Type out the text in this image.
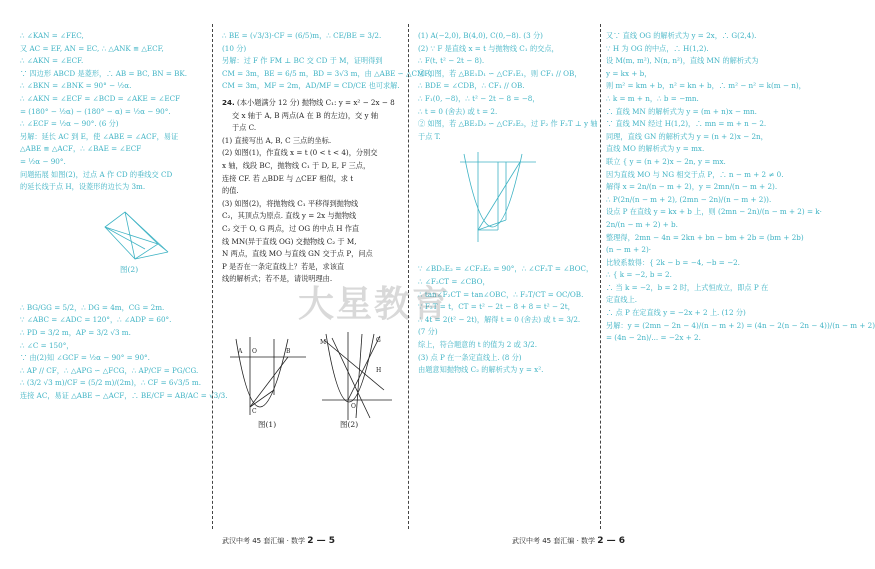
∴ ∠KAN = ∠FEC,
又 AC = EF, AN = EC, ∴ △ANK ≌ △ECF,
∴ ∠AKN = ∠ECF.
∵ 四边形 ABCD 是菱形，∴ AB = BC, BN = BK.
∴ ∠BKN = ∠BNK = 90° − ½α.
∴ ∠AKN = ∠ECF = ∠BCD = ∠AKE = ∠ECF
= (180° − ½α) − (180° − α) = ½α − 90°.
∴ ∠ECF = ½α − 90°. (6 分)
另解：延长 AC 到 E，使 ∠ABE = ∠ACF，易证
△ABE ≌ △ACF，∴ ∠BAE = ∠ECF
= ½α − 90°.
问题拓展 如图(2)，过点 A 作 CD 的垂线交 CD
的延长线于点 H，设菱形的边长为 3m.
∴ BG/GG = 5/2，∴ DG = 4m，CG = 2m.
∵ ∠ABC = ∠ADC = 120°，∴ ∠ADP = 60°.
∴ PD = 3/2 m，AP = 3/2 √3 m.
∴ ∠C = 150°，
∵ 由(2)知 ∠GCF = ½α − 90° = 90°.
∴ AP // CF，∴ △APG ∽ △FCG，∴ AP/CF = PG/CG.
∴ (3/2 √3 m)/CF = (5/2 m)/(2m)，∴ CF = 6√3/5 m.
连接 AC，易证 △ABE ∽ △ACF，∴ BE/CF = AB/AC = √3/3.
图(2)
∴ BE = (√3/3)·CF = (6/5)m，∴ CE/BE = 3/2.
(10 分)
另解：过 F 作 FM ⊥ BC 交 CD 于 M，证明得到
CM = 3m，BE = 6/5 m，BD = 3√3 m，由 △ABE ∽ △CMF，
CM = 3m，MF = 2m，AD/MF = CD/CE 也可求解.
24. (本小题满分 12 分) 抛物线 C₁: y = x² − 2x − 8
交 x 轴于 A, B 两点(A 在 B 的左边)，交 y 轴
于点 C.
(1) 直接写出 A, B, C 三点的坐标.
(2) 如图(1)，作直线 x = t (0 < t < 4)，分别交
x 轴，线段 BC，抛物线 C₁ 于 D, E, F 三点，
连接 CF. 若 △BDE 与 △CEF 相似，求 t
的值.
(3) 如图(2)，将抛物线 C₁ 平移得到抛物线
C₂，其顶点为原点. 直线 y = 2x 与抛物线
C₂ 交于 O, G 两点，过 OG 的中点 H 作直
线 MN(异于直线 OG) 交抛物线 C₂ 于 M,
N 两点，直线 MO 与直线 GN 交于点 P，问点
P 是否在一条定直线上？若是，求该直
线的解析式；若不是，请说明理由.
A O	B
C
图(1)
G
O
M
H
图(2)
(1) A(−2,0), B(4,0), C(0,−8). (3 分)
(2) ∵ F 是直线 x = t 与抛物线 C₁ 的交点，
∴ F(t, t² − 2t − 8).
① 如图，若 △BE₁D₁ ∽ △CF₁E₁，则 CF₁ // OB，
∴ BDE = ∠CDB，∴ CF₁ // OB.
∴ F₁(0, −8)，∴ t² − 2t − 8 = −8，
∴ t = 0 (舍去) 或 t = 2.
② 如图，若 △BE₂D₂ ∽ △CF₂E₂，过 F₂ 作 F₂T ⊥ y 轴
于点 T.
∵ ∠BD₂E₂ = ∠CF₂E₂ = 90°，∴ ∠CF₂T = ∠BOC，
∴ ∠F₂CT = ∠CBO，
∴ tan∠F₂CT = tan∠OBC，∴ F₂T/CT = OC/OB.
∵ F₂T = t，CT = t² − 2t − 8 + 8 = t² − 2t，
∴ 4t = 2(t² − 2t)，解得 t = 0 (舍去) 或 t = 3/2.
(7 分)
综上，符合题意的 t 的值为 2 或 3/2.
(3) 点 P 在一条定直线上. (8 分)
由题意知抛物线 C₂ 的解析式为 y = x².
又∵ 直线 OG 的解析式为 y = 2x，∴ G(2,4).
∵ H 为 OG 的中点，∴ H(1,2).
设 M(m, m²), N(n, n²)，直线 MN 的解析式为
y = kx + b，
则 m² = km + b，n² = kn + b，∴ m² − n² = k(m − n)，
∴ k = m + n，∴ b = −mn.
∴ 直线 MN 的解析式为 y = (m + n)x − mn.
∵ 直线 MN 经过 H(1,2)，∴ mn = m + n − 2.
同理，直线 GN 的解析式为 y = (n + 2)x − 2n，
直线 MO 的解析式为 y = mx.
联立 { y = (n + 2)x − 2n, y = mx.
因为直线 MO 与 NG 相交于点 P，∴ n − m + 2 ≠ 0.
解得 x = 2n/(n − m + 2)，y = 2mn/(n − m + 2).
∴ P(2n/(n − m + 2), (2mn − 2n)/(n − m + 2)).
设点 P 在直线 y = kx + b 上，则 (2mn − 2n)/(n − m + 2) = k·
2n/(n − m + 2) + b.
整理得，2mn − 4n = 2kn + bn − bm + 2b = (bm + 2b)
(n − m + 2)·
比较系数得：{ 2k − b = −4, −b = −2.
∴ { k = −2, b = 2.
∴ 当 k = −2，b = 2 时，上式恒成立，即点 P 在
定直线上.
∴ 点 P 在定直线 y = −2x + 2 上. (12 分)
另解：y = (2mn − 2n − 4)/(n − m + 2) = (4n − 2(n − 2n − 4))/(n − m + 2)
= (4n − 2n)/... = −2x + 2.
大星教育
武汉中考 45 套汇编 · 数学 2 — 5	武汉中考 45 套汇编 · 数学 2 — 6
